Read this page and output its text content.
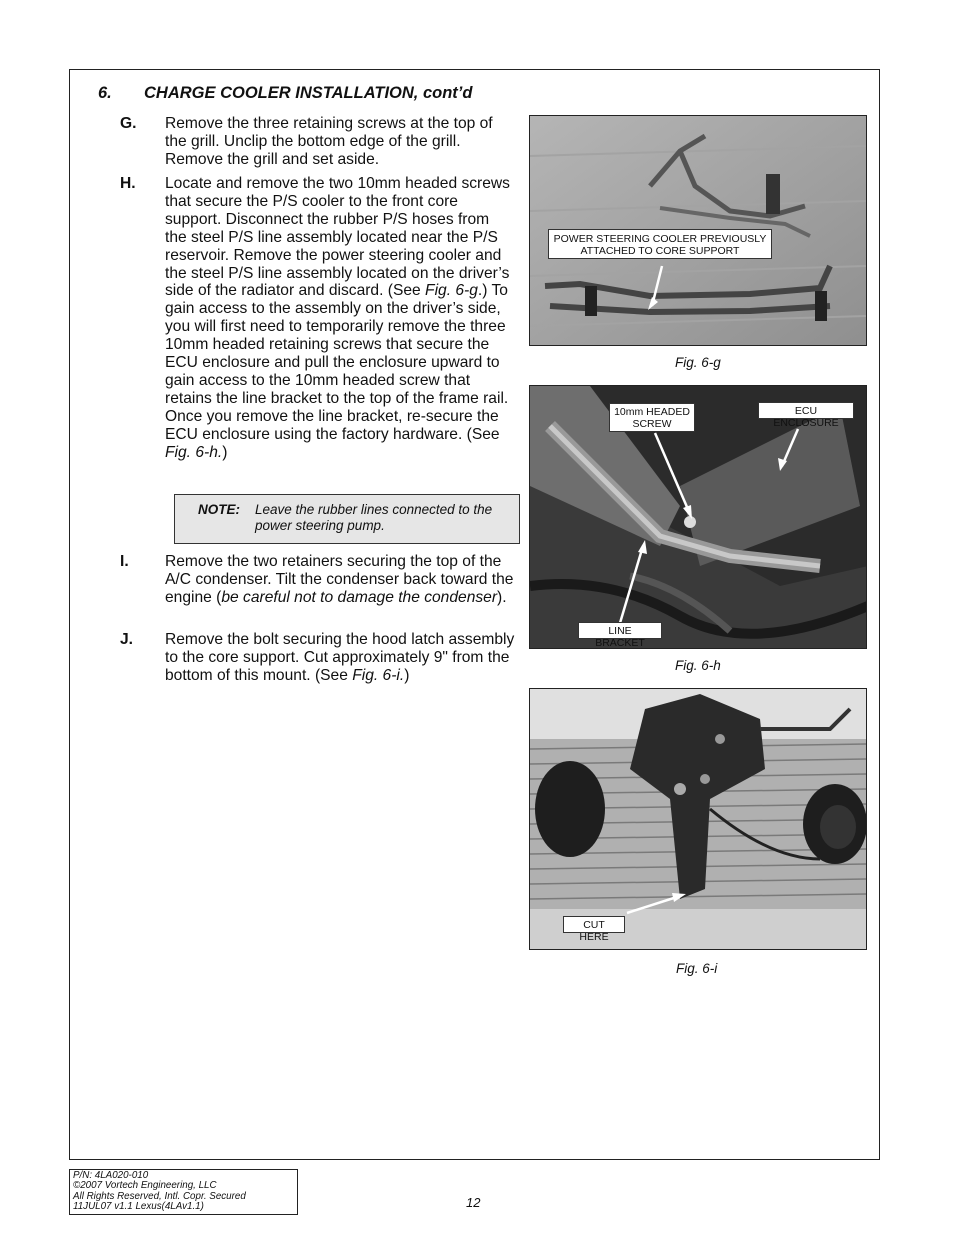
6. CHARGE COOLER INSTALLATION, cont’d
G. Remove the three retaining screws at the top of the grill. Unclip the bottom edge of the grill. Remove the grill and set aside.
H. Locate and remove the two 10mm headed screws that secure the P/S cooler to the front core support. Disconnect the rubber P/S hoses from the steel P/S line assembly located near the P/S reservoir. Remove the power steering cooler and the steel P/S line assembly located on the driver’s side of the radiator and discard. (See Fig. 6-g.) To gain access to the assembly on the driver’s side, you will first need to temporarily remove the three 10mm headed retaining screws that secure the ECU enclosure and pull the enclosure upward to gain access to the 10mm headed screw that retains the line bracket to the top of the frame rail. Once you remove the line bracket, re-secure the ECU enclosure using the factory hardware. (See Fig. 6-h.)
NOTE: Leave the rubber lines connected to the power steering pump.
I. Remove the two retainers securing the top of the A/C condenser. Tilt the condenser back toward the engine (be careful not to damage the condenser).
J. Remove the bolt securing the hood latch assembly to the core support. Cut approximately 9" from the bottom of this mount. (See Fig. 6-i.)
POWER STEERING COOLER PREVIOUSLY ATTACHED TO CORE SUPPORT
Fig. 6-g
10mm HEADED SCREW
ECU ENCLOSURE
LINE BRACKET
Fig. 6-h
CUT HERE
Fig. 6-i
P/N: 4LA020-010
©2007 Vortech Engineering, LLC
All Rights Reserved, Intl. Copr. Secured
11JUL07 v1.1 Lexus(4LAv1.1)	12
